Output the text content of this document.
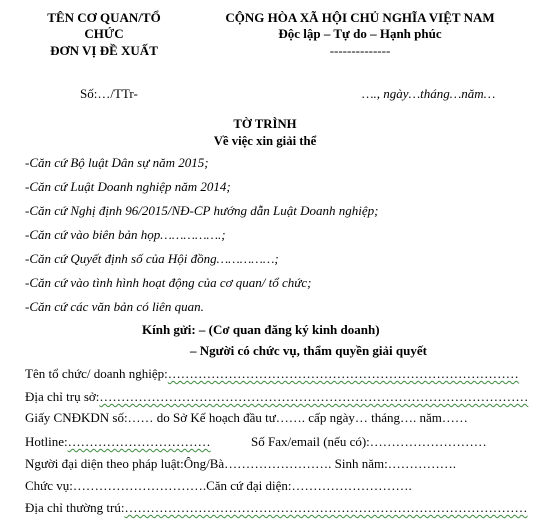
TÊN CƠ QUAN/TỔ
CHỨC
ĐƠN VỊ ĐỀ XUẤT
CỘNG HÒA XÃ HỘI CHỦ NGHĨA VIỆT NAM
Độc lập – Tự do – Hạnh phúc
--------------
Số:…/TTr-	…., ngày…tháng…năm…
TỜ TRÌNH
Về việc xin giải thể
-Căn cứ Bộ luật Dân sự năm 2015;
-Căn cứ Luật Doanh nghiệp năm 2014;
-Căn cứ Nghị định 96/2015/NĐ-CP hướng dẫn Luật Doanh nghiệp;
-Căn cứ vào biên bản họp…………….;
-Căn cứ Quyết định số của Hội đồng……………;
-Căn cứ vào tình hình hoạt động của cơ quan/ tổ chức;
-Căn cứ các văn bản có liên quan.
Kính gửi: – (Cơ quan đăng ký kinh doanh)
– Người có chức vụ, thẩm quyền giải quyết
Tên tổ chức/ doanh nghiệp:………………………………………………………………………
Địa chỉ trụ sở:………………………………………………………………………………………
Giấy CNĐKDN số:…… do Sở Kế hoạch đầu tư……. cấp ngày… tháng…. năm……
Hotline:……………………………	Số Fax/email (nếu có):………………………
Người đại diện theo pháp luật:Ông/Bà……………………. Sinh năm:…………….
Chức vụ:………………………….Căn cứ đại diện:……………………….
Địa chỉ thường trú:…………………………………………………………………………………
